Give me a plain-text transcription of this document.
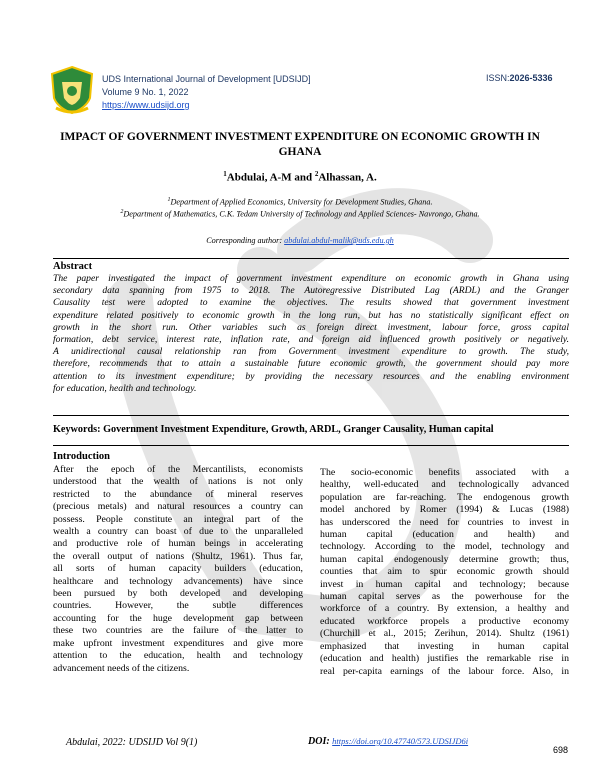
UDS International Journal of Development [UDSIJD]
Volume 9 No. 1, 2022
https://www.udsijd.org
ISSN:2026-5336
IMPACT OF GOVERNMENT INVESTMENT EXPENDITURE ON ECONOMIC GROWTH IN
GHANA
$^1$Abdulai, A-M and $^2$Alhassan, A.
$^1$Department of Applied Economics, University for Development Studies, Ghana.
$^2$Department of Mathematics, C.K. Tedam University of Technology and Applied Sciences- Navrongo, Ghana.
Corresponding author: abdulai.abdul-malik@uds.edu.gh
Abstract
The paper investigated the impact of government investment expenditure on economic growth in Ghana using
secondary data spanning from 1975 to 2018. The Autoregressive Distributed Lag (ARDL) and the Granger
Causality test were adopted to examine the objectives. The results showed that government investment
expenditure related positively to economic growth in the long run, but has no statistically significant effect on
growth in the short run. Other variables such as foreign direct investment, labour force, gross capital
formation, debt service, interest rate, inflation rate, and foreign aid influenced growth positively or negatively.
A unidirectional causal relationship ran from Government investment expenditure to growth. The study,
therefore, recommends that to attain a sustainable future economic growth, the government should pay more
attention to its investment expenditure; by providing the necessary resources and the enabling environment
for education, health and technology.
Keywords: Government Investment Expenditure, Growth, ARDL, Granger Causality, Human capital
Introduction
After the epoch of the Mercantilists, economists
understood that the wealth of nations is not only
restricted to the abundance of mineral reserves
(precious metals) and natural resources a country can
possess. People constitute an integral part of the
wealth a country can boast of due to the unparalleled
and productive role of human beings in accelerating
the overall output of nations (Shultz, 1961). Thus far,
all sorts of human capacity builders (education,
healthcare and technology advancements) have since
been pursued by both developed and developing
countries. However, the subtle differences
accounting for the huge development gap between
these two countries are the failure of the latter to
make upfront investment expenditures and give more
attention to the education, health and technology
advancement needs of the citizens.
The socio-economic benefits associated with a
healthy, well-educated and technologically advanced
population are far-reaching. The endogenous growth
model anchored by Romer (1994) & Lucas (1988)
has underscored the need for countries to invest in
human capital (education and health) and
technology. According to the model, technology and
human capital endogenously determine growth; thus,
counties that aim to spur economic growth should
invest in human capital and technology; because
human capital serves as the powerhouse for the
workforce of a country. By extension, a healthy and
educated workforce propels a productive economy
(Churchill et al., 2015; Zerihun, 2014). Shultz (1961)
emphasized that investing in human capital
(education and health) justifies the remarkable rise in
real per-capita earnings of the labour force. Also, in
Abdulai, 2022: UDSIJD Vol 9(1)	DOI: https://doi.org/10.47740/573.UDSIJD6i
698
